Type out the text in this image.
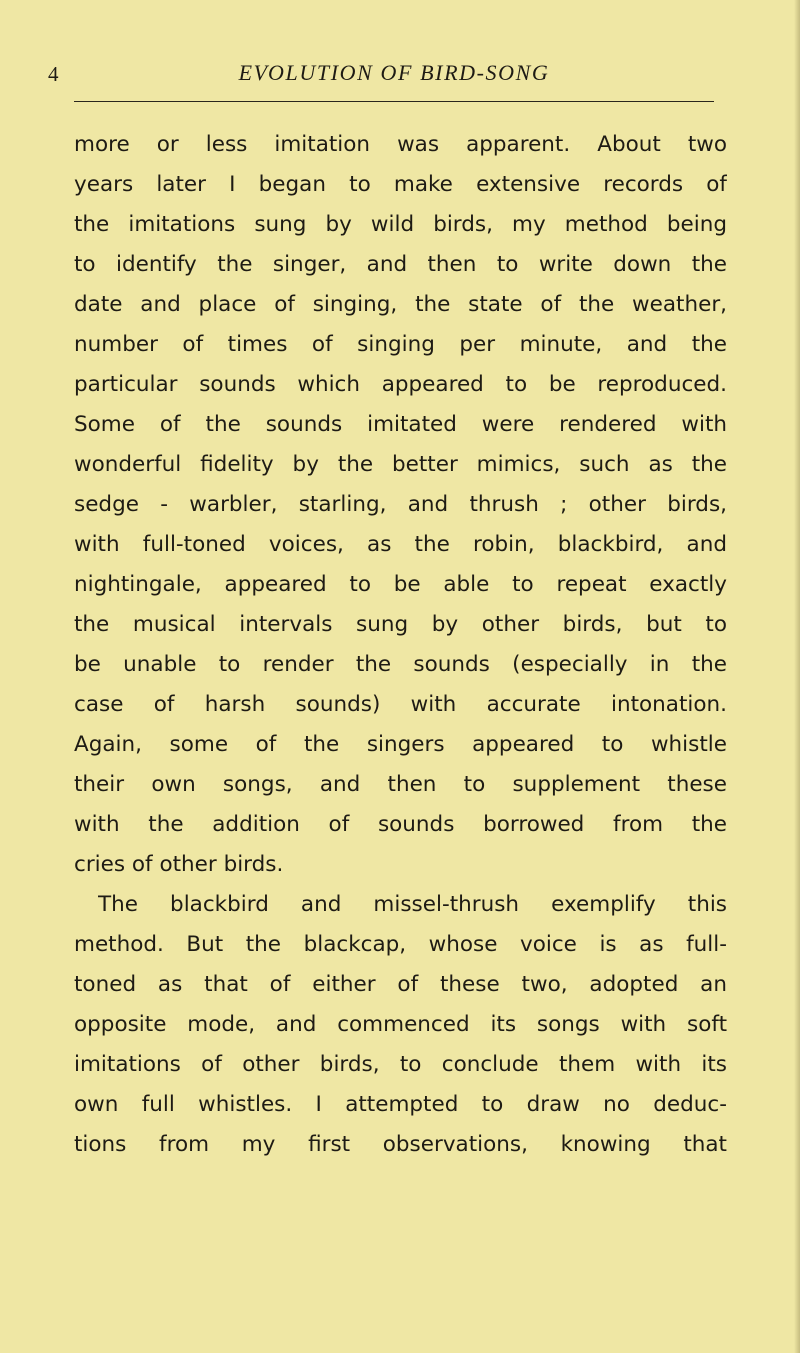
4	EVOLUTION OF BIRD-SONG
more or less imitation was apparent. About two
years later I began to make extensive records of
the imitations sung by wild birds, my method being
to identify the singer, and then to write down the
date and place of singing, the state of the weather,
number of times of singing per minute, and the
particular sounds which appeared to be reproduced.
Some of the sounds imitated were rendered with
wonderful fidelity by the better mimics, such as the
sedge - warbler, starling, and thrush ; other birds,
with full-toned voices, as the robin, blackbird, and
nightingale, appeared to be able to repeat exactly
the musical intervals sung by other birds, but to
be unable to render the sounds (especially in the
case of harsh sounds) with accurate intonation.
Again, some of the singers appeared to whistle
their own songs, and then to supplement these
with the addition of sounds borrowed from the
cries of other birds.
The blackbird and missel-thrush exemplify this
method. But the blackcap, whose voice is as full-
toned as that of either of these two, adopted an
opposite mode, and commenced its songs with soft
imitations of other birds, to conclude them with its
own full whistles. I attempted to draw no deduc-
tions from my first observations, knowing that
